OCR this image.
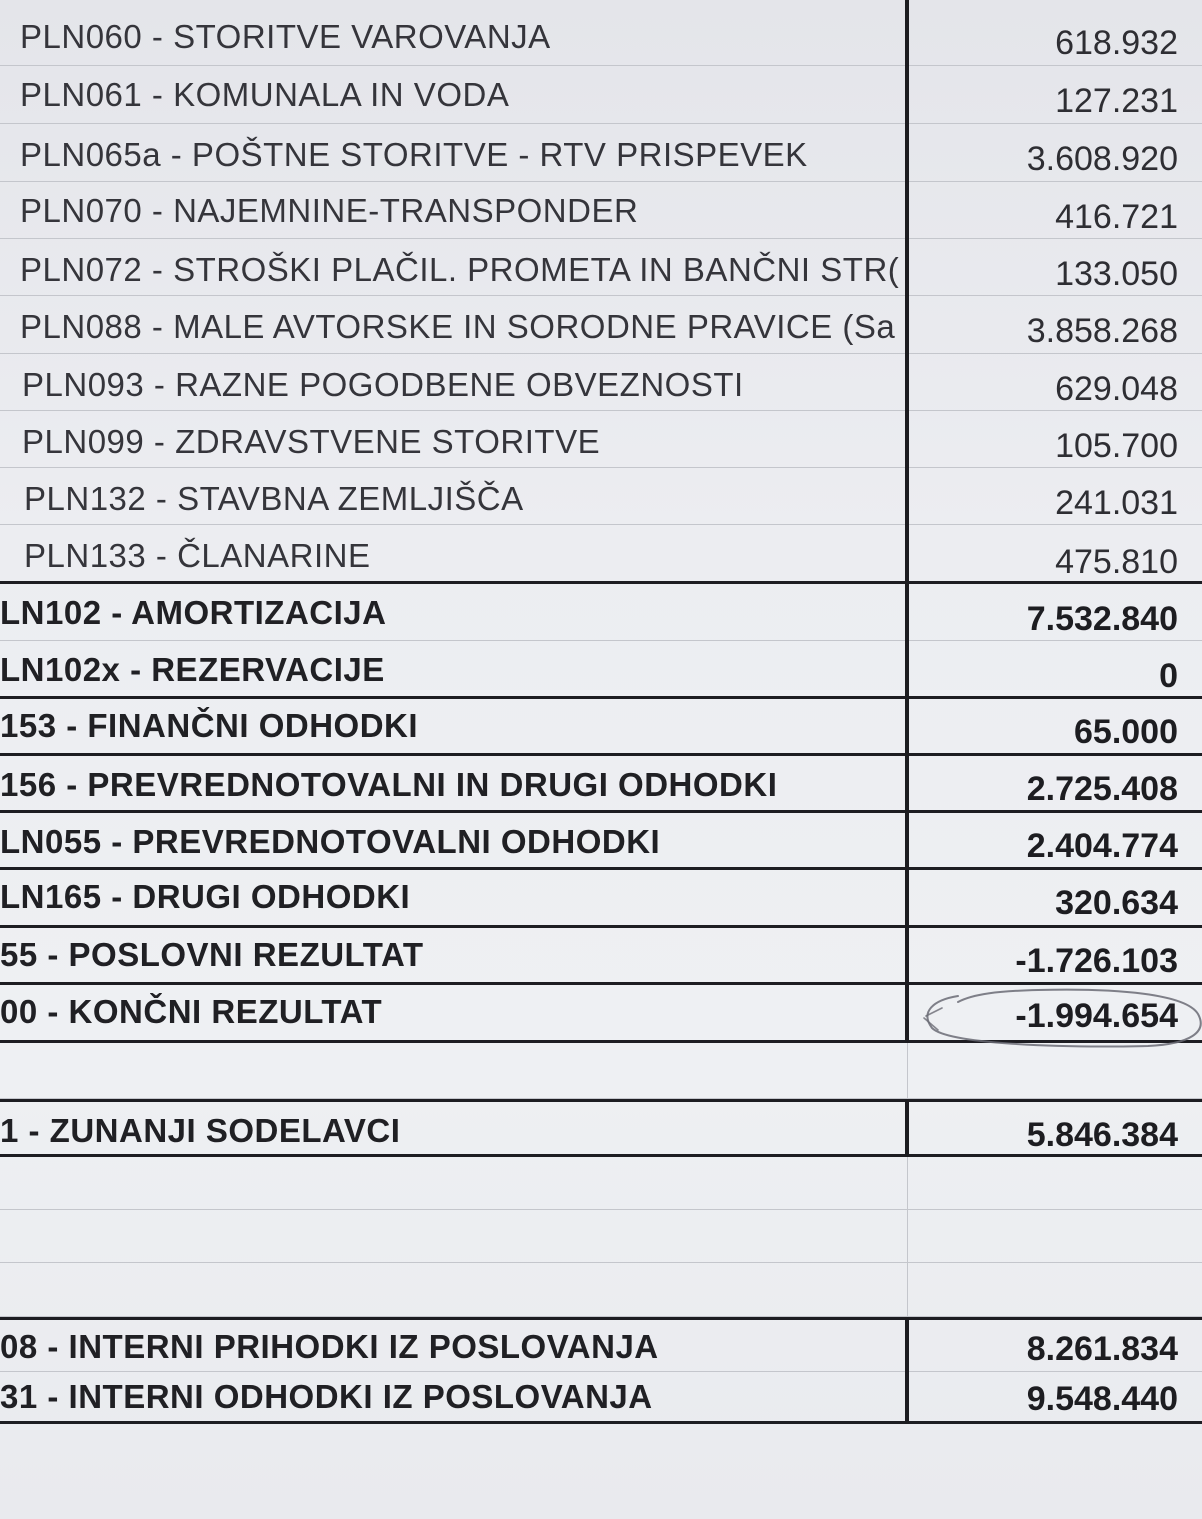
PLN060 - STORITVE VAROVANJA	618.932
PLN061 - KOMUNALA IN VODA	127.231
PLN065a - POŠTNE STORITVE - RTV PRISPEVEK	3.608.920
PLN070 - NAJEMNINE-TRANSPONDER	416.721
PLN072 - STROŠKI PLAČIL. PROMETA IN BANČNI STR(	133.050
PLN088 - MALE AVTORSKE IN SORODNE PRAVICE (Sa	3.858.268
PLN093 - RAZNE POGODBENE OBVEZNOSTI	629.048
PLN099 - ZDRAVSTVENE STORITVE	105.700
PLN132 - STAVBNA ZEMLJIŠČA	241.031
PLN133 - ČLANARINE	475.810
LN102 - AMORTIZACIJA	7.532.840
LN102x - REZERVACIJE	0
153 - FINANČNI ODHODKI	65.000
156 - PREVREDNOTOVALNI IN DRUGI ODHODKI	2.725.408
LN055 - PREVREDNOTOVALNI ODHODKI	2.404.774
LN165 - DRUGI ODHODKI	320.634
55 - POSLOVNI REZULTAT	-1.726.103
00 - KONČNI REZULTAT	-1.994.654
1 - ZUNANJI SODELAVCI	5.846.384
08 - INTERNI PRIHODKI IZ POSLOVANJA	8.261.834
31 - INTERNI ODHODKI IZ POSLOVANJA	9.548.440
